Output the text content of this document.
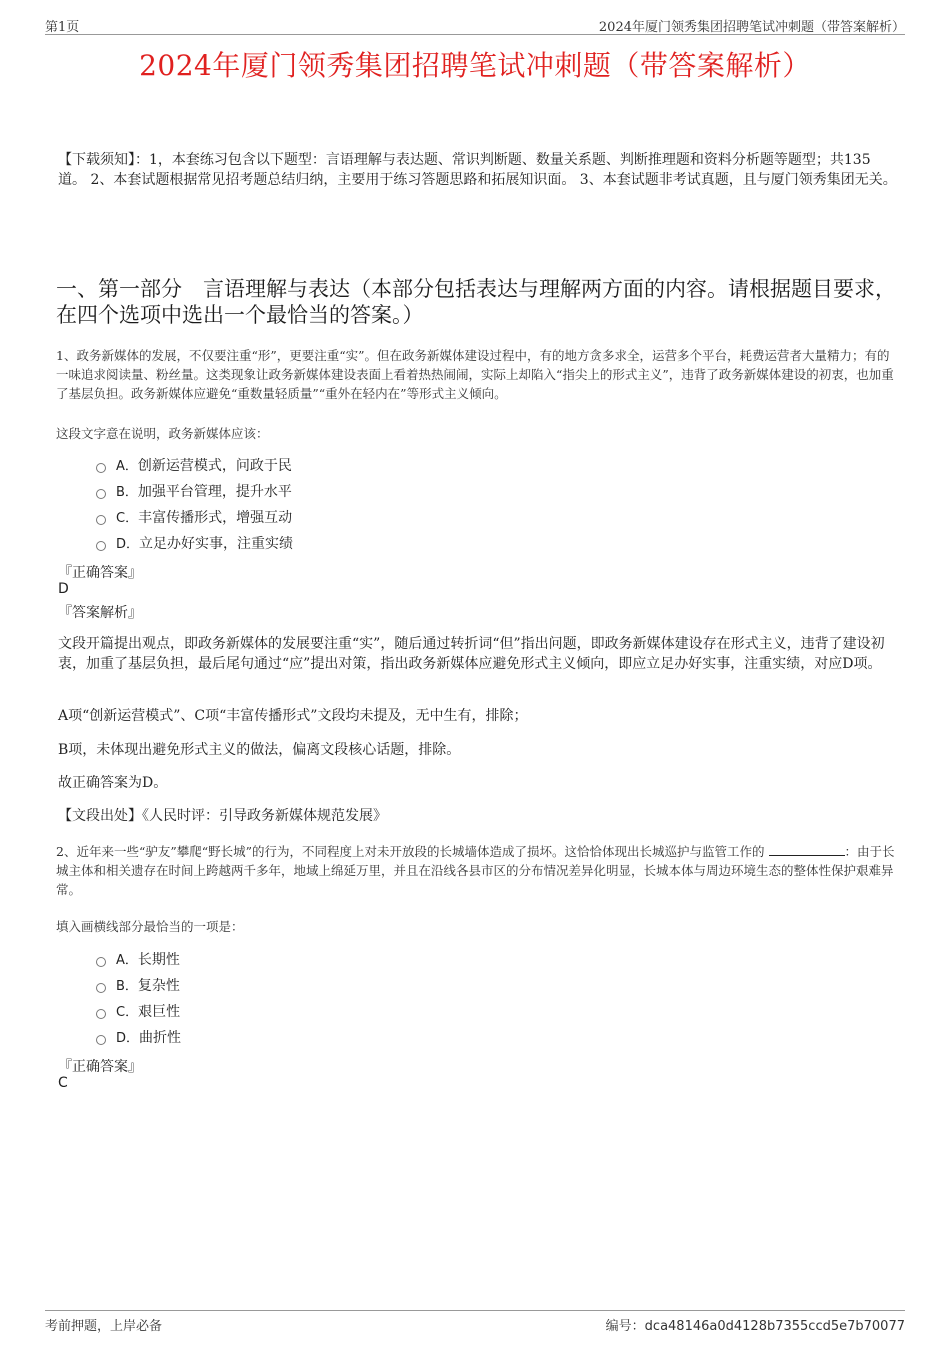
第1页	2024年厦门领秀集团招聘笔试冲刺题（带答案解析）
2024年厦门领秀集团招聘笔试冲刺题（带答案解析）
【下载须知】：1，本套练习包含以下题型：言语理解与表达题、常识判断题、数量关系题、判断推理题和资料分析题等题型；共135道。 2、本套试题根据常见招考题总结归纳，主要用于练习答题思路和拓展知识面。 3、本套试题非考试真题，且与厦门领秀集团无关。
一、第一部分　言语理解与表达（本部分包括表达与理解两方面的内容。请根据题目要求，在四个选项中选出一个最恰当的答案。）
1、政务新媒体的发展，不仅要注重“形”，更要注重“实”。但在政务新媒体建设过程中，有的地方贪多求全，运营多个平台，耗费运营者大量精力；有的一味追求阅读量、粉丝量。这类现象让政务新媒体建设表面上看着热热闹闹，实际上却陷入“指尖上的形式主义”，违背了政务新媒体建设的初衷，也加重了基层负担。政务新媒体应避免“重数量轻质量”“重外在轻内在”等形式主义倾向。
这段文字意在说明，政务新媒体应该：
A．创新运营模式，问政于民
B．加强平台管理，提升水平
C．丰富传播形式，增强互动
D．立足办好实事，注重实绩
『正确答案』
D
『答案解析』
文段开篇提出观点，即政务新媒体的发展要注重“实”，随后通过转折词“但”指出问题，即政务新媒体建设存在形式主义，违背了建设初衷，加重了基层负担，最后尾句通过“应”提出对策，指出政务新媒体应避免形式主义倾向，即应立足办好实事，注重实绩，对应D项。
A项“创新运营模式”、C项“丰富传播形式”文段均未提及，无中生有，排除；
B项，未体现出避免形式主义的做法，偏离文段核心话题，排除。
故正确答案为D。
【文段出处】《人民时评：引导政务新媒体规范发展》
2、近年来一些“驴友”攀爬“野长城”的行为，不同程度上对未开放段的长城墙体造成了损坏。这恰恰体现出长城巡护与监管工作的	：由于长城主体和相关遗存在时间上跨越两千多年，地域上绵延万里，并且在沿线各县市区的分布情况差异化明显，长城本体与周边环境生态的整体性保护艰难异常。
填入画横线部分最恰当的一项是：
A．长期性
B．复杂性
C．艰巨性
D．曲折性
『正确答案』
C
考前押题，上岸必备	编号：dca48146a0d4128b7355ccd5e7b70077
